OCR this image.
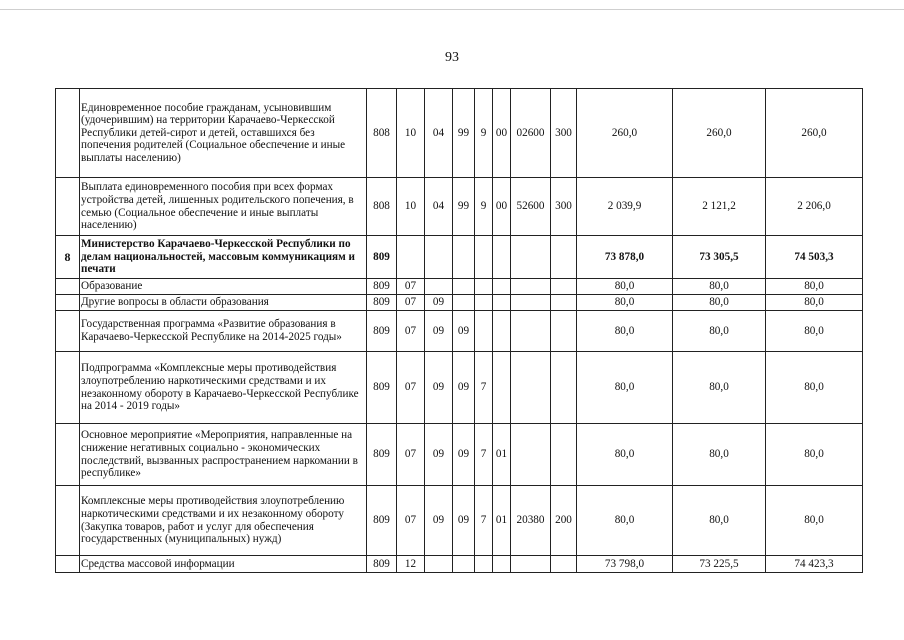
93
	Единовременное пособие гражданам, усыновившим (удочерившим) на территории Карачаево-Черкесской Республики детей-сирот и детей, оставшихся без попечения родителей (Социальное обеспечение и иные выплаты населению)	808	10	04	99	9	00	02600	300	260,0	260,0	260,0
	Выплата единовременного пособия при всех формах устройства детей, лишенных родительского попечения, в семью (Социальное обеспечение и иные выплаты населению)	808	10	04	99	9	00	52600	300	2 039,9	2 121,2	2 206,0
8	Министерство Карачаево-Черкесской Республики по делам национальностей, массовым коммуникациям и печати	809								73 878,0	73 305,5	74 503,3
	Образование	809	07							80,0	80,0	80,0
	Другие вопросы в области образования	809	07	09						80,0	80,0	80,0
	Государственная программа «Развитие образования в Карачаево-Черкесской Республике на 2014-2025 годы»	809	07	09	09					80,0	80,0	80,0
	Подпрограмма «Комплексные меры противодействия злоупотреблению наркотическими средствами и их незаконному обороту в Карачаево-Черкесской Республике на 2014 - 2019 годы»	809	07	09	09	7				80,0	80,0	80,0
	Основное мероприятие «Мероприятия, направленные на снижение негативных социально - экономических последствий, вызванных распространением наркомании в республике»	809	07	09	09	7	01			80,0	80,0	80,0
	Комплексные меры противодействия злоупотреблению наркотическими средствами и их незаконному обороту (Закупка товаров, работ и услуг для обеспечения государственных (муниципальных) нужд)	809	07	09	09	7	01	20380	200	80,0	80,0	80,0
	Средства массовой информации	809	12							73 798,0	73 225,5	74 423,3
